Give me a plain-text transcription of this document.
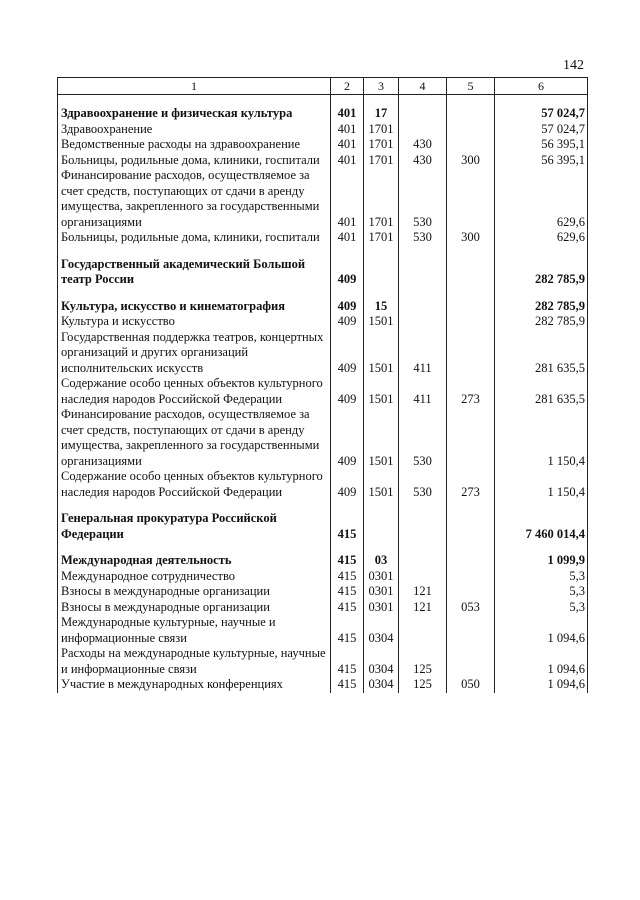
142
1	2	3	4	5	6

Здравоохранение и физическая культура	401	17			57 024,7
Здравоохранение	401	1701			57 024,7
Ведомственные расходы на здравоохранение	401	1701	430		56 395,1
Больницы, родильные дома, клиники, госпитали	401	1701	430	300	56 395,1
Финансирование расходов, осуществляемое за счет средств, поступающих от сдачи в аренду имущества, закрепленного за государственными организациями	401	1701	530		629,6
Больницы, родильные дома, клиники, госпитали	401	1701	530	300	629,6

Государственный академический Большой театр России	409				282 785,9

Культура, искусство и кинематография	409	15			282 785,9
Культура и искусство	409	1501			282 785,9
Государственная поддержка театров, концертных организаций и других организаций исполнительских искусств	409	1501	411		281 635,5
Содержание особо ценных объектов культурного наследия народов Российской Федерации	409	1501	411	273	281 635,5
Финансирование расходов, осуществляемое за счет средств, поступающих от сдачи в аренду имущества, закрепленного за государственными организациями	409	1501	530		1 150,4
Содержание особо ценных объектов культурного наследия народов Российской Федерации	409	1501	530	273	1 150,4

Генеральная прокуратура Российской Федерации	415				7 460 014,4

Международная деятельность	415	03			1 099,9
Международное сотрудничество	415	0301			5,3
Взносы в международные организации	415	0301	121		5,3
Взносы в международные организации	415	0301	121	053	5,3
Международные культурные, научные и информационные связи	415	0304			1 094,6
Расходы на международные культурные, научные и информационные связи	415	0304	125		1 094,6
Участие в международных конференциях	415	0304	125	050	1 094,6
